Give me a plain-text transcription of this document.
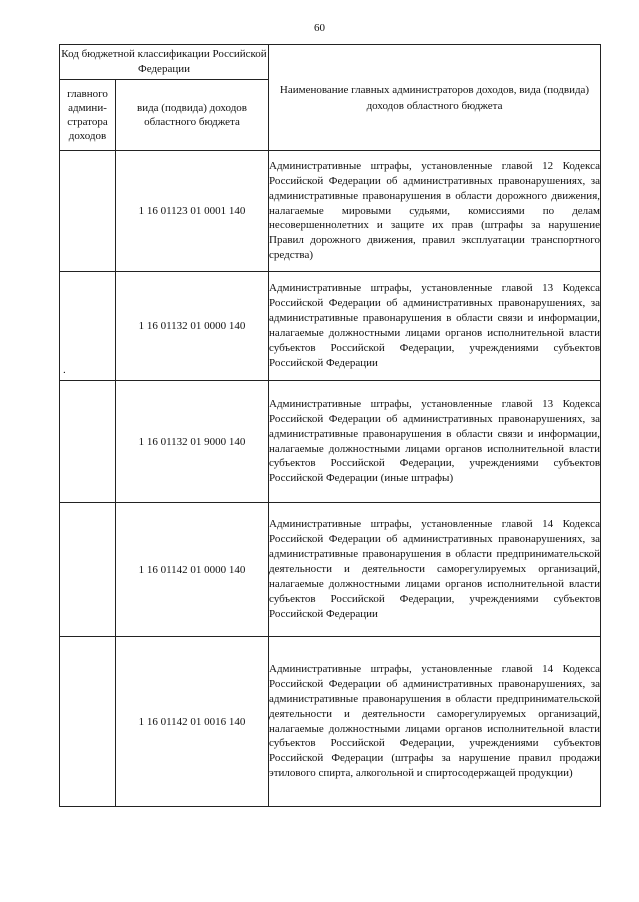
60
Код бюджетной классификации Российской Федерации		Наименование главных администраторов доходов, вида (подвида) доходов областного бюджета
главного админи-стратора доходов	вида (подвида) доходов областного бюджета	
	1 16 01123 01 0001 140	Административные штрафы, установленные главой 12 Кодекса Российской Федерации об административных правонарушениях, за административные правонарушения в области дорожного движения, налагаемые мировыми судьями, комиссиями по делам несовершеннолетних и защите их прав (штрафы за нарушение Правил дорожного движения, правил эксплуатации транспортного средства)

	1 16 01132 01 0000 140	Административные штрафы, установленные главой 13 Кодекса Российской Федерации об административных правонарушениях, за административные правонарушения в области связи и информации, налагаемые должностными лицами органов исполнительной власти субъектов Российской Федерации, учреждениями субъектов Российской Федерации

	1 16 01132 01 9000 140	Административные штрафы, установленные главой 13 Кодекса Российской Федерации об административных правонарушениях, за административные правонарушения в области связи и информации, налагаемые должностными лицами органов исполнительной власти субъектов Российской Федерации, учреждениями субъектов Российской Федерации (иные штрафы)

	1 16 01142 01 0000 140	Административные штрафы, установленные главой 14 Кодекса Российской Федерации об административных правонарушениях, за административные правонарушения в области предпринимательской деятельности и деятельности саморегулируемых организаций, налагаемые должностными лицами органов исполнительной власти субъектов Российской Федерации, учреждениями субъектов Российской Федерации

	1 16 01142 01 0016 140	Административные штрафы, установленные главой 14 Кодекса Российской Федерации об административных правонарушениях, за административные правонарушения в области предпринимательской деятельности и деятельности саморегулируемых организаций, налагаемые должностными лицами органов исполнительной власти субъектов Российской Федерации, учреждениями субъектов Российской Федерации (штрафы за нарушение правил продажи этилового спирта, алкогольной и спиртосодержащей продукции)

.
